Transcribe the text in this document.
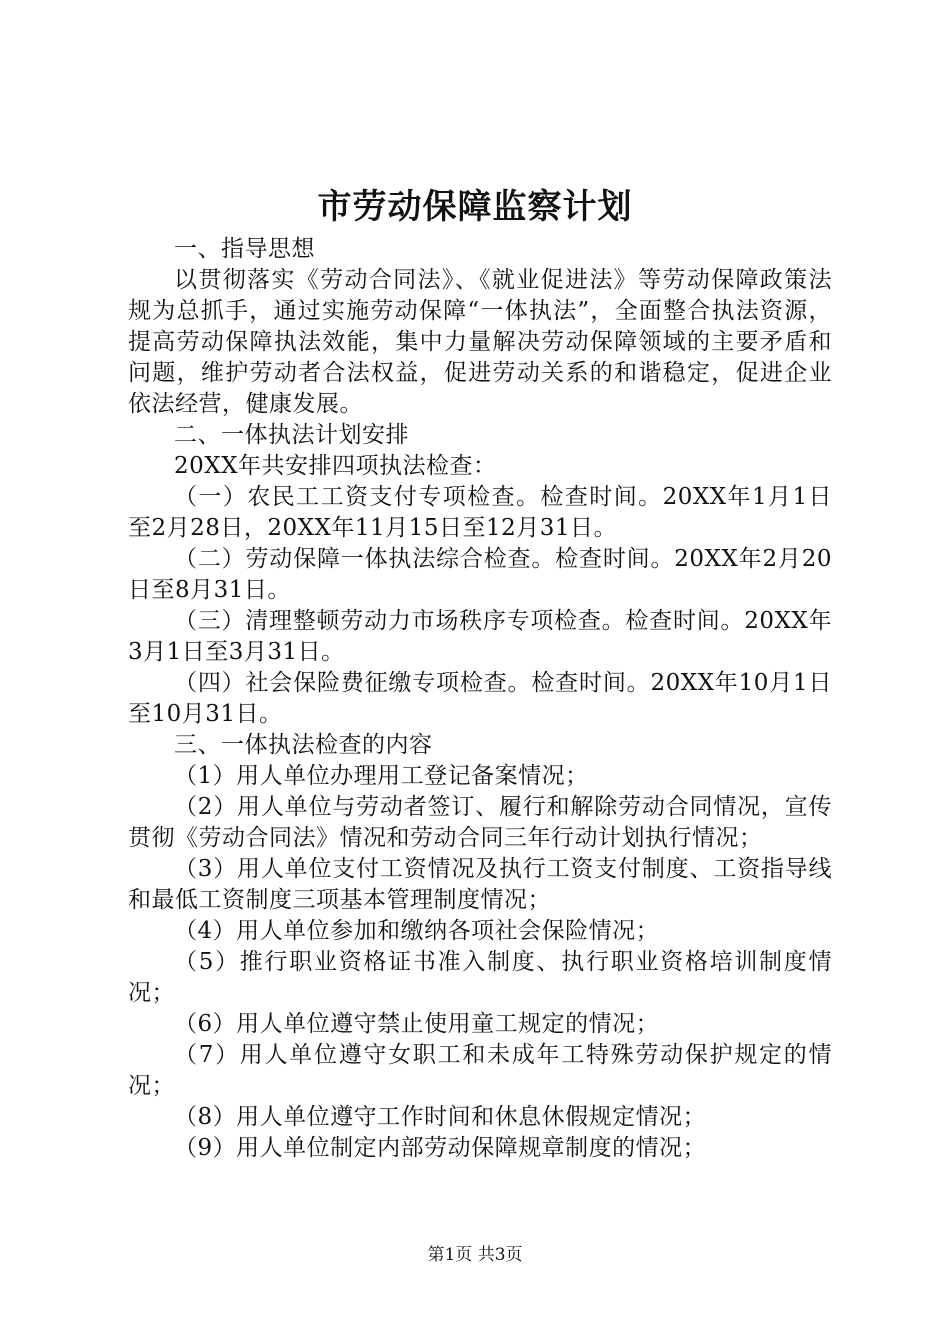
市劳动保障监察计划

一、指导思想

以贯彻落实《劳动合同法》、《就业促进法》等劳动保障政策法规为总抓手，通过实施劳动保障“一体执法”，全面整合执法资源，提高劳动保障执法效能，集中力量解决劳动保障领域的主要矛盾和问题，维护劳动者合法权益，促进劳动关系的和谐稳定，促进企业依法经营，健康发展。

二、一体执法计划安排

20XX年共安排四项执法检查：

（一）农民工工资支付专项检查。检查时间。20XX年1月1日至2月28日，20XX年11月15日至12月31日。

（二）劳动保障一体执法综合检查。检查时间。20XX年2月20日至8月31日。

（三）清理整顿劳动力市场秩序专项检查。检查时间。20XX年3月1日至3月31日。

（四）社会保险费征缴专项检查。检查时间。20XX年10月1日至10月31日。

三、一体执法检查的内容

（1）用人单位办理用工登记备案情况；

（2）用人单位与劳动者签订、履行和解除劳动合同情况，宣传贯彻《劳动合同法》情况和劳动合同三年行动计划执行情况；

（3）用人单位支付工资情况及执行工资支付制度、工资指导线和最低工资制度三项基本管理制度情况；

（4）用人单位参加和缴纳各项社会保险情况；

（5）推行职业资格证书准入制度、执行职业资格培训制度情况；

（6）用人单位遵守禁止使用童工规定的情况；

（7）用人单位遵守女职工和未成年工特殊劳动保护规定的情况；

（8）用人单位遵守工作时间和休息休假规定情况；

（9）用人单位制定内部劳动保障规章制度的情况；

第1页 共3页
